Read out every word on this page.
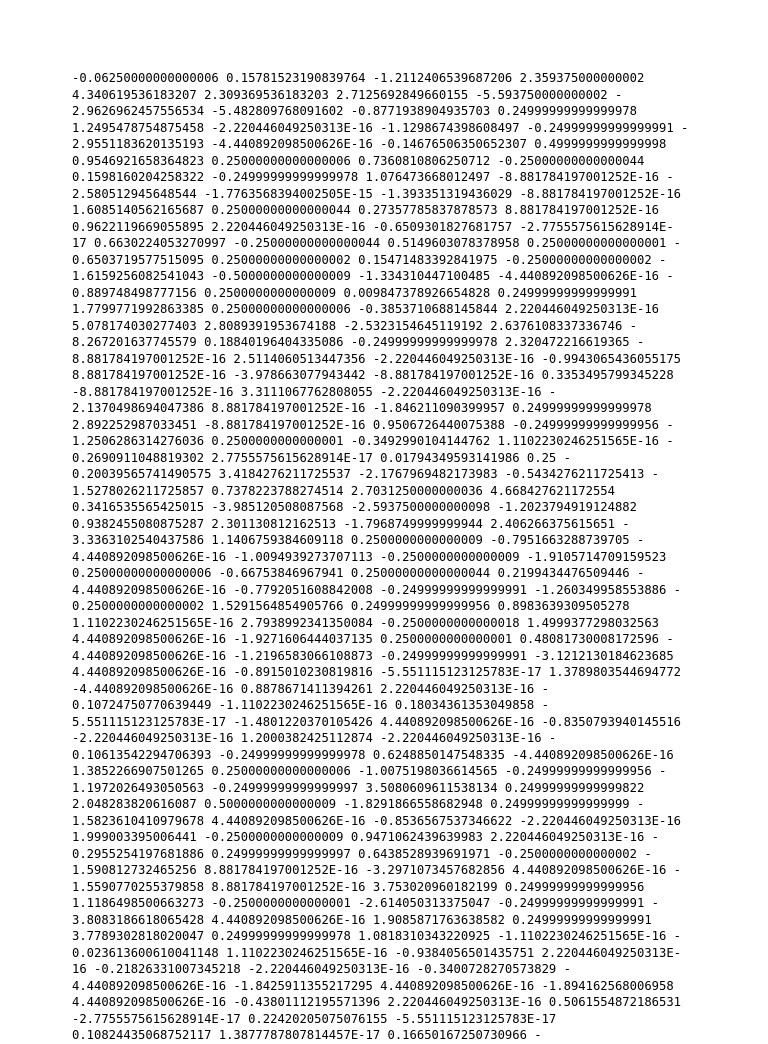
-0.06250000000000006 0.15781523190839764 -1.2112406539687206 2.359375000000002
4.340619536183207 2.309369536183203 2.7125692849660155 -5.593750000000002 -
2.9626962457556534 -5.482809768091602 -0.8771938904935703 0.24999999999999978
1.2495478754875458 -2.220446049250313E-16 -1.1298674398608497 -0.24999999999999991 -
2.9551183620135193 -4.440892098500626E-16 -0.14676506350652307 0.4999999999999998
0.9546921658364823 0.25000000000000006 0.7360810806250712 -0.25000000000000044
0.1598160204258322 -0.24999999999999978 1.076473668012497 -8.881784197001252E-16 -
2.580512945648544 -1.7763568394002505E-15 -1.393351319436029 -8.881784197001252E-16
1.608514056216568​7 0.25000000000000044 0.27357785837878573 8.881784197001252E-16
0.9622119669055895 2.220446049250313E-16 -0.6509301827681757 -2.7755575615628914E-
17 0.6630224053270997 -0.25000000000000044 0.5149603078378958 0.25000000000000001 -
0.6503719577515095 0.25000000000000002 0.15471483392841975 -0.25000000000000002 -
1.6159256082541043 -0.5000000000000009 -1.334310447100485 -4.440892098500626E-16 -
0.889748498777156 0.2500000000000009 0.009847378926654828 0.24999999999999991
1.7799771992863385 0.25000000000000006 -0.3853710688145844 2.220446049250313E-16
5.078174030277403 2.8089391953674188 -2.5323154645119192 2.6376108337336746 -
8.267201637745579 0.18840196404335086 -0.24999999999999978 2.320472216619365 -
8.881784197001252E-16 2.5114060513447356 -2.220446049250313E-16 -0.9943065436055175
8.881784197001252E-16 -3.978663077943442 -8.881784197001252E-16 0.3353495799345228
-8.881784197001252E-16 3.3111067762808055 -2.220446049250313E-16 -
2.1370498694047386 8.881784197001252E-16 -1.846211090399957 0.24999999999999978
2.892252987033451 -8.881784197001252E-16 0.9506726440075388 -0.24999999999999956 -
1.2506286314276036 0.2500000000000001 -0.3492990104144762 1.1102230246251565E-16 -
0.2690911048819302 2.7755575615628914E-17 0.01794349593141986 0.25 -
0.20039565741490575 3.4184276211725537 -2.1767969482173983 -0.5434276211725413 -
1.5278026211725857 0.7378223788274514 2.7031250000000036 4.668427621172554
0.3416535565425015 -3.985120508087568 -2.5937500000000098 -1.2023794919124882
0.9382455080875287 2.301130812162513 -1.7968749999999944 2.406266375615651 -
3.3363102540437586 1.1406759384609118 0.2500000000000009 -0.7951663288739705 -
4.440892098500626E-16 -1.0094939273707113 -0.2500000000000009 -1.9105714709159523
0.25000000000000006 -0.66753846967941 0.25000000000000044 0.2199434476509446 -
4.440892098500626E-16 -0.7792051608842008 -0.24999999999999991 -1.260349958553886 -
0.2500000000000002 1.5291564854905766 0.24999999999999956 0.8983639309505278
1.1102230246251565E-16 2.7938992341350084 -0.2500000000000018 1.4999377298032563
4.440892098500626E-16 -1.9271606444037135 0.2500000000000001 0.48081730008172596 -
4.440892098500626E-16 -1.2196583066108873 -0.24999999999999991 -3.1212130184623685
4.440892098500626E-16 -0.8915010230819816 -5.551115123125783E-17 1.3789803544694772
-4.440892098500626E-16 0.8878671411394261 2.220446049250313E-16 -
0.10724750770639449 -1.1102230246251565E-16 0.18034361353049858 -
5.551115123125783E-17 -1.4801220370105426 4.440892098500626E-16 -0.8350793940145516
-2.220446049250313E-16 1.2000382425112874 -2.220446049250313E-16 -
0.10613542294706393 -0.24999999999999978 0.6248850147548335 -4.440892098500626E-16
1.3852266907501265 0.25000000000000006 -1.0075198036614565 -0.24999999999999956 -
1.1972026493050563 -0.24999999999999997 3.5080609611538134 0.24999999999999822
2.048283820616087 0.5000000000000009 -1.8291866558682948 0.24999999999999999 -
1.5823610410979678 4.440892098500626E-16 -0.8536567537346622 -2.220446049250313E-16
1.999003395006441 -0.2500000000000009 0.9471062439639983 2.220446049250313E-16 -
0.2955254197681886 0.24999999999999997 0.6438528939691971 -0.2500000000000002 -
1.590812732465256 8.881784197001252E-16 -3.2971073457682856 4.440892098500626E-16 -
1.5590770255379858 8.881784197001252E-16 3.753020960182199 0.24999999999999956
1.1186498500663273 -0.2500000000000001 -2.614050313375047 -0.24999999999999991 -
3.8083186618065428 4.440892098500626E-16 1.9085871763638582 0.24999999999999991
3.7789302818020047 0.24999999999999978 1.0818310343220925 -1.1102230246251565E-16 -
0.023613600610041148 1.1102230246251565E-16 -0.9384056501435751 2.220446049250313E-
16 -0.21826331007345218 -2.220446049250313E-16 -0.3400728270573829 -
4.440892098500626E-16 -1.8425911355217295 4.440892098500626E-16 -1.894162568006958
4.440892098500626E-16 -0.43801112195571396 2.220446049250313E-16 0.5061554872186531
-2.7755575615628914E-17 0.22420205075076155 -5.551115123125783E-17
0.10824435068752117 1.3877787807814457E-17 0.16650167250730966 -
